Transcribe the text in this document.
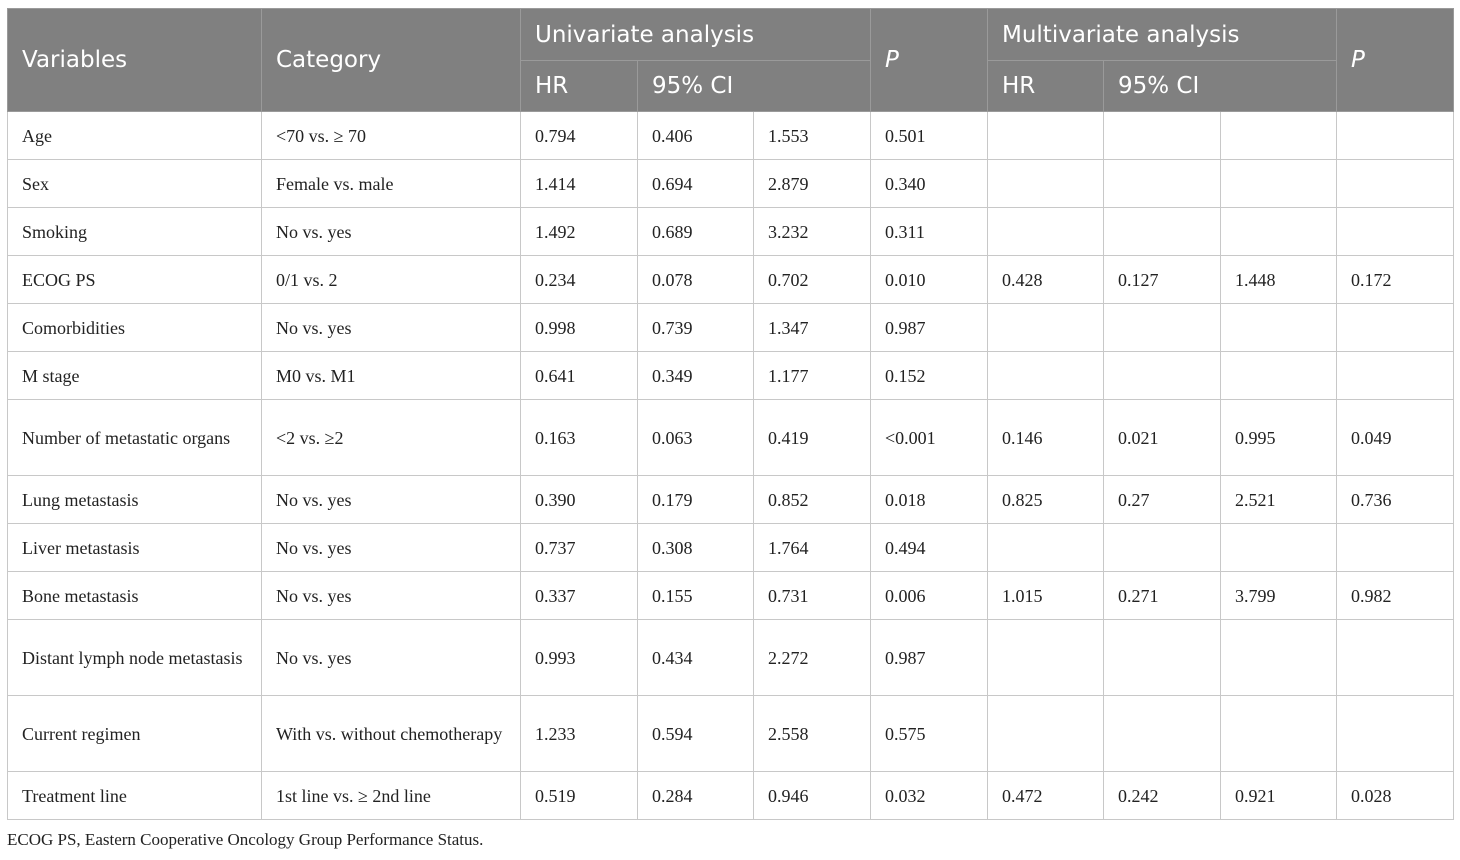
Variables	Category	Univariate analysis			P	Multivariate analysis			P
		HR	95% CI			HR	95% CI		
Age	<70 vs. ≥ 70	0.794	0.406	1.553	0.501				
Sex	Female vs. male	1.414	0.694	2.879	0.340				
Smoking	No vs. yes	1.492	0.689	3.232	0.311				
ECOG PS	0/1 vs. 2	0.234	0.078	0.702	0.010	0.428	0.127	1.448	0.172
Comorbidities	No vs. yes	0.998	0.739	1.347	0.987				
M stage	M0 vs. M1	0.641	0.349	1.177	0.152				
Number of metastatic organs	<2 vs. ≥2	0.163	0.063	0.419	<0.001	0.146	0.021	0.995	0.049
Lung metastasis	No vs. yes	0.390	0.179	0.852	0.018	0.825	0.27	2.521	0.736
Liver metastasis	No vs. yes	0.737	0.308	1.764	0.494				
Bone metastasis	No vs. yes	0.337	0.155	0.731	0.006	1.015	0.271	3.799	0.982
Distant lymph node metastasis	No vs. yes	0.993	0.434	2.272	0.987				
Current regimen	With vs. without chemotherapy	1.233	0.594	2.558	0.575				
Treatment line	1st line vs. ≥ 2nd line	0.519	0.284	0.946	0.032	0.472	0.242	0.921	0.028
ECOG PS, Eastern Cooperative Oncology Group Performance Status.
